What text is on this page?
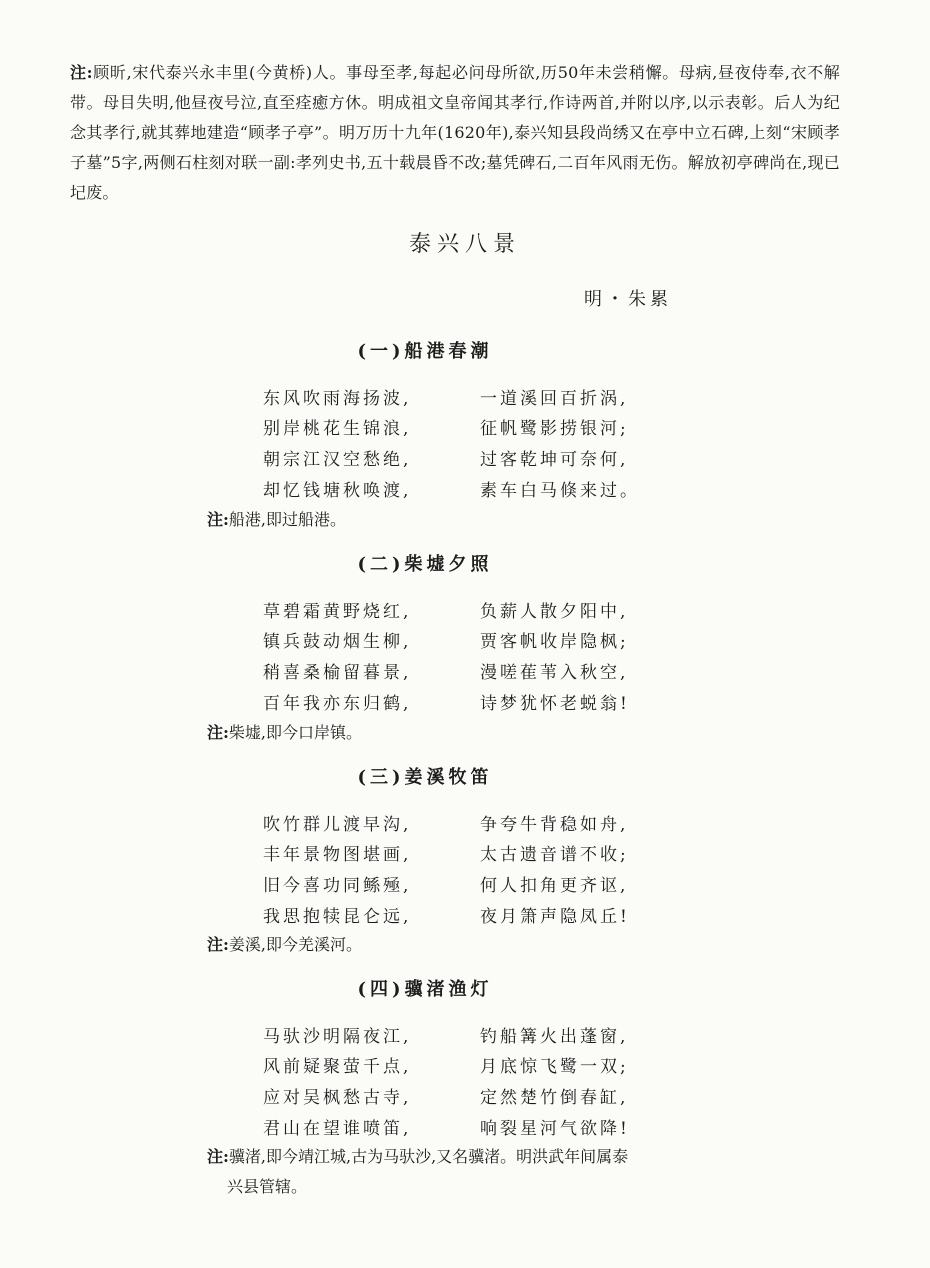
注:顾昕,宋代泰兴永丰里(今黄桥)人。事母至孝,每起必问母所欲,历50年未尝稍懈。母病,昼夜侍奉,衣不解带。母目失明,他昼夜号泣,直至痊癒方休。明成祖文皇帝闻其孝行,作诗两首,并附以序,以示表彰。后人为纪念其孝行,就其葬地建造“顾孝子亭”。明万历十九年(1620年),泰兴知县段尚绣又在亭中立石碑,上刻“宋顾孝子墓”5字,两侧石柱刻对联一副:孝列史书,五十载晨昏不改;墓凭碑石,二百年风雨无伤。解放初亭碑尚在,现已圮废。
泰兴八景
明・朱累
(一)船港春潮
东风吹雨海扬波,	一道溪回百折涡,
别岸桃花生锦浪,	征帆鹭影捞银河;
朝宗江汉空愁绝,	过客乾坤可奈何,
却忆钱塘秋唤渡,	素车白马倏来过。
注:船港,即过船港。
(二)柴墟夕照
草碧霜黄野烧红,	负薪人散夕阳中,
镇兵鼓动烟生柳,	贾客帆收岸隐枫;
稍喜桑榆留暮景,	漫嗟萑苇入秋空,
百年我亦东归鹤,	诗梦犹怀老蜕翁!
注:柴墟,即今口岸镇。
(三)姜溪牧笛
吹竹群儿渡早沟,	争夸牛背稳如舟,
丰年景物图堪画,	太古遗音谱不收;
旧今喜功同鲧殛,	何人扣角更齐讴,
我思抱犊昆仑远,	夜月箫声隐凤丘!
注:姜溪,即今羌溪河。
(四)骥渚渔灯
马驮沙明隔夜江,	钓船篝火出蓬窗,
风前疑聚萤千点,	月底惊飞鹭一双;
应对吴枫愁古寺,	定然楚竹倒春缸,
君山在望谁喷笛,	响裂星河气欲降!
注:骥渚,即今靖江城,古为马驮沙,又名骥渚。明洪武年间属泰
兴县管辖。
